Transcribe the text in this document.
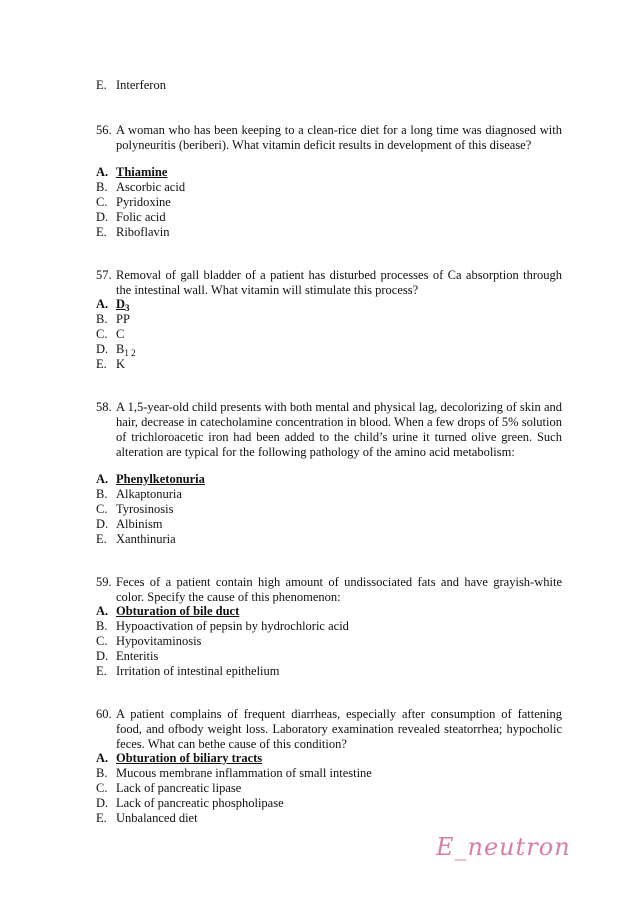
E. Interferon
56. A woman who has been keeping to a clean-rice diet for a long time was diagnosed with polyneuritis (beriberi). What vitamin deficit results in development of this disease?
A. Thiamine
B. Ascorbic acid
C. Pyridoxine
D. Folic acid
E. Riboflavin
57. Removal of gall bladder of a patient has disturbed processes of Ca absorption through the intestinal wall. What vitamin will stimulate this process?
A. $D_3$
B. PP
C. C
D. $B_{1 2}$
E. K
58. A 1,5-year-old child presents with both mental and physical lag, decolorizing of skin and hair, decrease in catecholamine concentration in blood. When a few drops of 5% solution of trichloroacetic iron had been added to the child’s urine it turned olive green. Such alteration are typical for the following pathology of the amino acid metabolism:
A. Phenylketonuria
B. Alkaptonuria
C. Tyrosinosis
D. Albinism
E. Xanthinuria
59. Feces of a patient contain high amount of undissociated fats and have grayish-white color. Specify the cause of this phenomenon:
A. Obturation of bile duct
B. Hypoactivation of pepsin by hydrochloric acid
C. Hypovitaminosis
D. Enteritis
E. Irritation of intestinal epithelium
60. A patient complains of frequent diarrheas, especially after consumption of fattening food, and ofbody weight loss. Laboratory examination revealed steatorrhea; hypocholic feces. What can bethe cause of this condition?
A. Obturation of biliary tracts
B. Mucous membrane inflammation of small intestine
C. Lack of pancreatic lipase
D. Lack of pancreatic phospholipase
E. Unbalanced diet
E_neutron
